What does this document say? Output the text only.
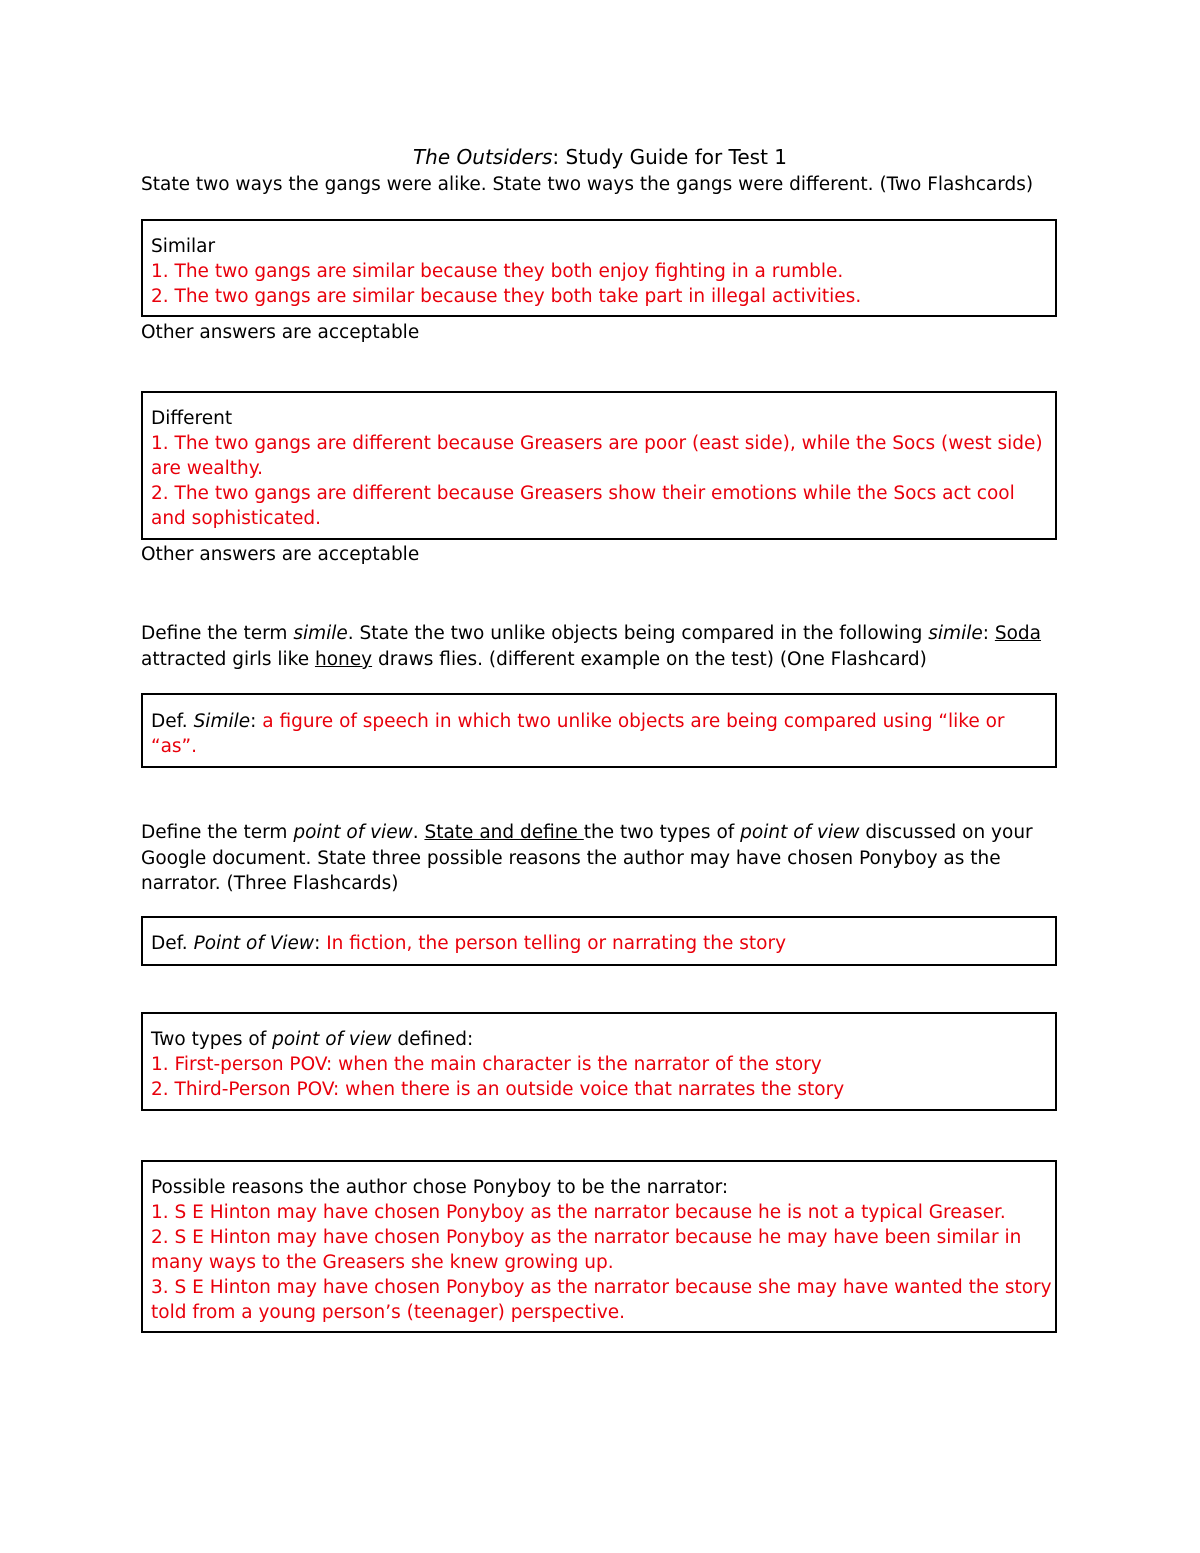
The Outsiders: Study Guide for Test 1
State two ways the gangs were alike. State two ways the gangs were different. (Two Flashcards)
Similar
1. The two gangs are similar because they both enjoy fighting in a rumble.
2. The two gangs are similar because they both take part in illegal activities.
Other answers are acceptable
Different
1. The two gangs are different because Greasers are poor (east side), while the Socs (west side)
are wealthy.
2. The two gangs are different because Greasers show their emotions while the Socs act cool
and sophisticated.
Other answers are acceptable
Define the term simile. State the two unlike objects being compared in the following simile: Soda
attracted girls like honey draws flies. (different example on the test) (One Flashcard)
Def. Simile: a figure of speech in which two unlike objects are being compared using “like or
“as”.
Define the term point of view. State and define the two types of point of view discussed on your
Google document. State three possible reasons the author may have chosen Ponyboy as the
narrator. (Three Flashcards)
Def. Point of View: In fiction, the person telling or narrating the story
Two types of point of view defined:
1. First-person POV: when the main character is the narrator of the story
2. Third-Person POV: when there is an outside voice that narrates the story
Possible reasons the author chose Ponyboy to be the narrator:
1. S E Hinton may have chosen Ponyboy as the narrator because he is not a typical Greaser.
2. S E Hinton may have chosen Ponyboy as the narrator because he may have been similar in
many ways to the Greasers she knew growing up.
3. S E Hinton may have chosen Ponyboy as the narrator because she may have wanted the story
told from a young person’s (teenager) perspective.
